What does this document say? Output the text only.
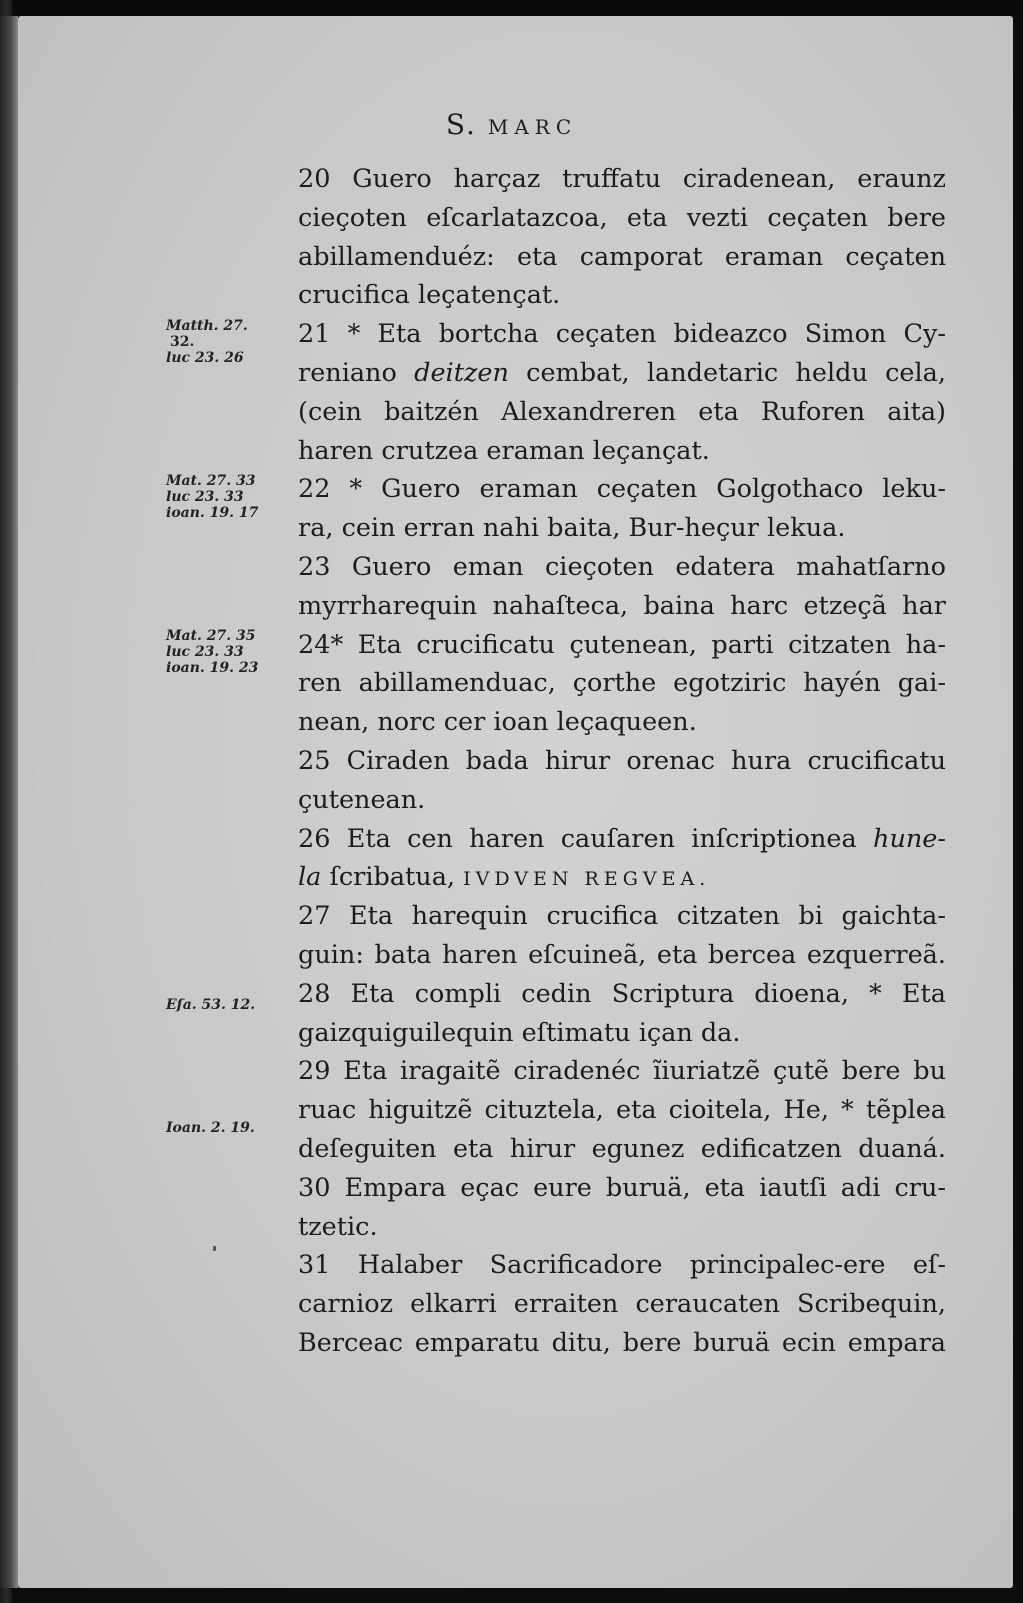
S. MARC
20 Guero harçaz truffatu ciradenean, eraunz
cieçoten eſcarlatazcoa, eta vezti ceçaten bere
abillamenduéz: eta camporat eraman ceçaten
crucifica leçatençat.
21 * Eta bortcha ceçaten bideazco Simon Cy-
reniano deitzen cembat, landetaric heldu cela,
(cein baitzén Alexandreren eta Ruforen aita)
haren crutzea eraman leçançat.
22 * Guero eraman ceçaten Golgothaco leku-
ra, cein erran nahi baita, Bur-heçur lekua.
23 Guero eman cieçoten edatera mahatſarno
myrrharequin nahaſteca, baina harc etzeçã har
24* Eta crucificatu çutenean, parti citzaten ha-
ren abillamenduac, çorthe egotziric hayén gai-
nean, norc cer ioan leçaqueen.
25 Ciraden bada hirur orenac hura crucificatu
çutenean.
26 Eta cen haren cauſaren inſcriptionea hune-
la ſcribatua, IVDVEN REGVEA.
27 Eta harequin crucifica citzaten bi gaichta-
guin: bata haren eſcuineã, eta bercea ezquerreã.
28 Eta compli cedin Scriptura dioena, * Eta
gaizquiguilequin eſtimatu içan da.
29 Eta iragaitẽ ciradenéc ĩiuriatzẽ çutẽ bere bu
ruac higuitzẽ cituztela, eta cioitela, He, * tẽplea
deſeguiten eta hirur egunez edificatzen duaná.
30 Empara eçac eure buruä, eta iautſi adi cru-
tzetic.
31 Halaber Sacrificadore principalec-ere eſ-
carnioz elkarri erraiten ceraucaten Scribequin,
Berceac emparatu ditu, bere buruä ecin empara
Matth. 27.
32.
luc 23. 26
Mat. 27. 33
luc 23. 33
ioan. 19. 17
Mat. 27. 35
luc 23. 33
ioan. 19. 23
Eſa. 53. 12.
Ioan. 2. 19.
